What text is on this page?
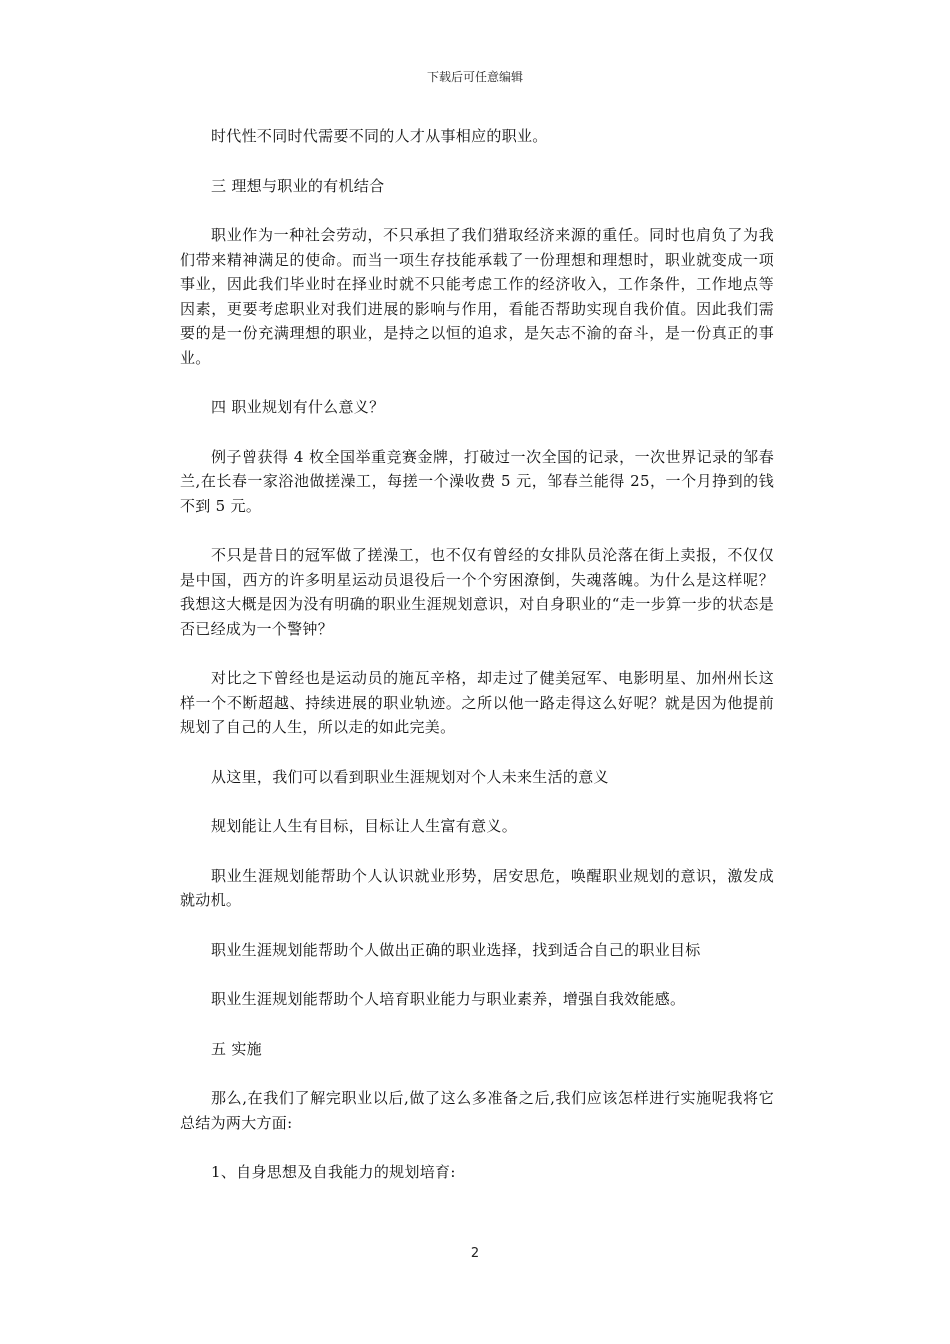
下载后可任意编辑

时代性不同时代需要不同的人才从事相应的职业。

三 理想与职业的有机结合

职业作为一种社会劳动，不只承担了我们猎取经济来源的重任。同时也肩负了为我们带来精神满足的使命。而当一项生存技能承载了一份理想和理想时，职业就变成一项事业，因此我们毕业时在择业时就不只能考虑工作的经济收入，工作条件，工作地点等因素，更要考虑职业对我们进展的影响与作用，看能否帮助实现自我价值。因此我们需要的是一份充满理想的职业，是持之以恒的追求，是矢志不渝的奋斗，是一份真正的事业。

四 职业规划有什么意义？

例子曾获得 4 枚全国举重竞赛金牌，打破过一次全国的记录，一次世界记录的邹春兰,在长春一家浴池做搓澡工，每搓一个澡收费 5 元，邹春兰能得 25，一个月挣到的钱不到 5 元。

不只是昔日的冠军做了搓澡工，也不仅有曾经的女排队员沦落在街上卖报，不仅仅是中国，西方的许多明星运动员退役后一个个穷困潦倒，失魂落魄。为什么是这样呢？我想这大概是因为没有明确的职业生涯规划意识，对自身职业的“走一步算一步的状态是否已经成为一个警钟？

对比之下曾经也是运动员的施瓦辛格，却走过了健美冠军、电影明星、加州州长这样一个不断超越、持续进展的职业轨迹。之所以他一路走得这么好呢？就是因为他提前规划了自己的人生，所以走的如此完美。

从这里，我们可以看到职业生涯规划对个人未来生活的意义

规划能让人生有目标，目标让人生富有意义。

职业生涯规划能帮助个人认识就业形势，居安思危，唤醒职业规划的意识，激发成就动机。

职业生涯规划能帮助个人做出正确的职业选择，找到适合自己的职业目标

职业生涯规划能帮助个人培育职业能力与职业素养，增强自我效能感。

五 实施

那么,在我们了解完职业以后,做了这么多准备之后,我们应该怎样进行实施呢我将它总结为两大方面:

1、自身思想及自我能力的规划培育:

2
